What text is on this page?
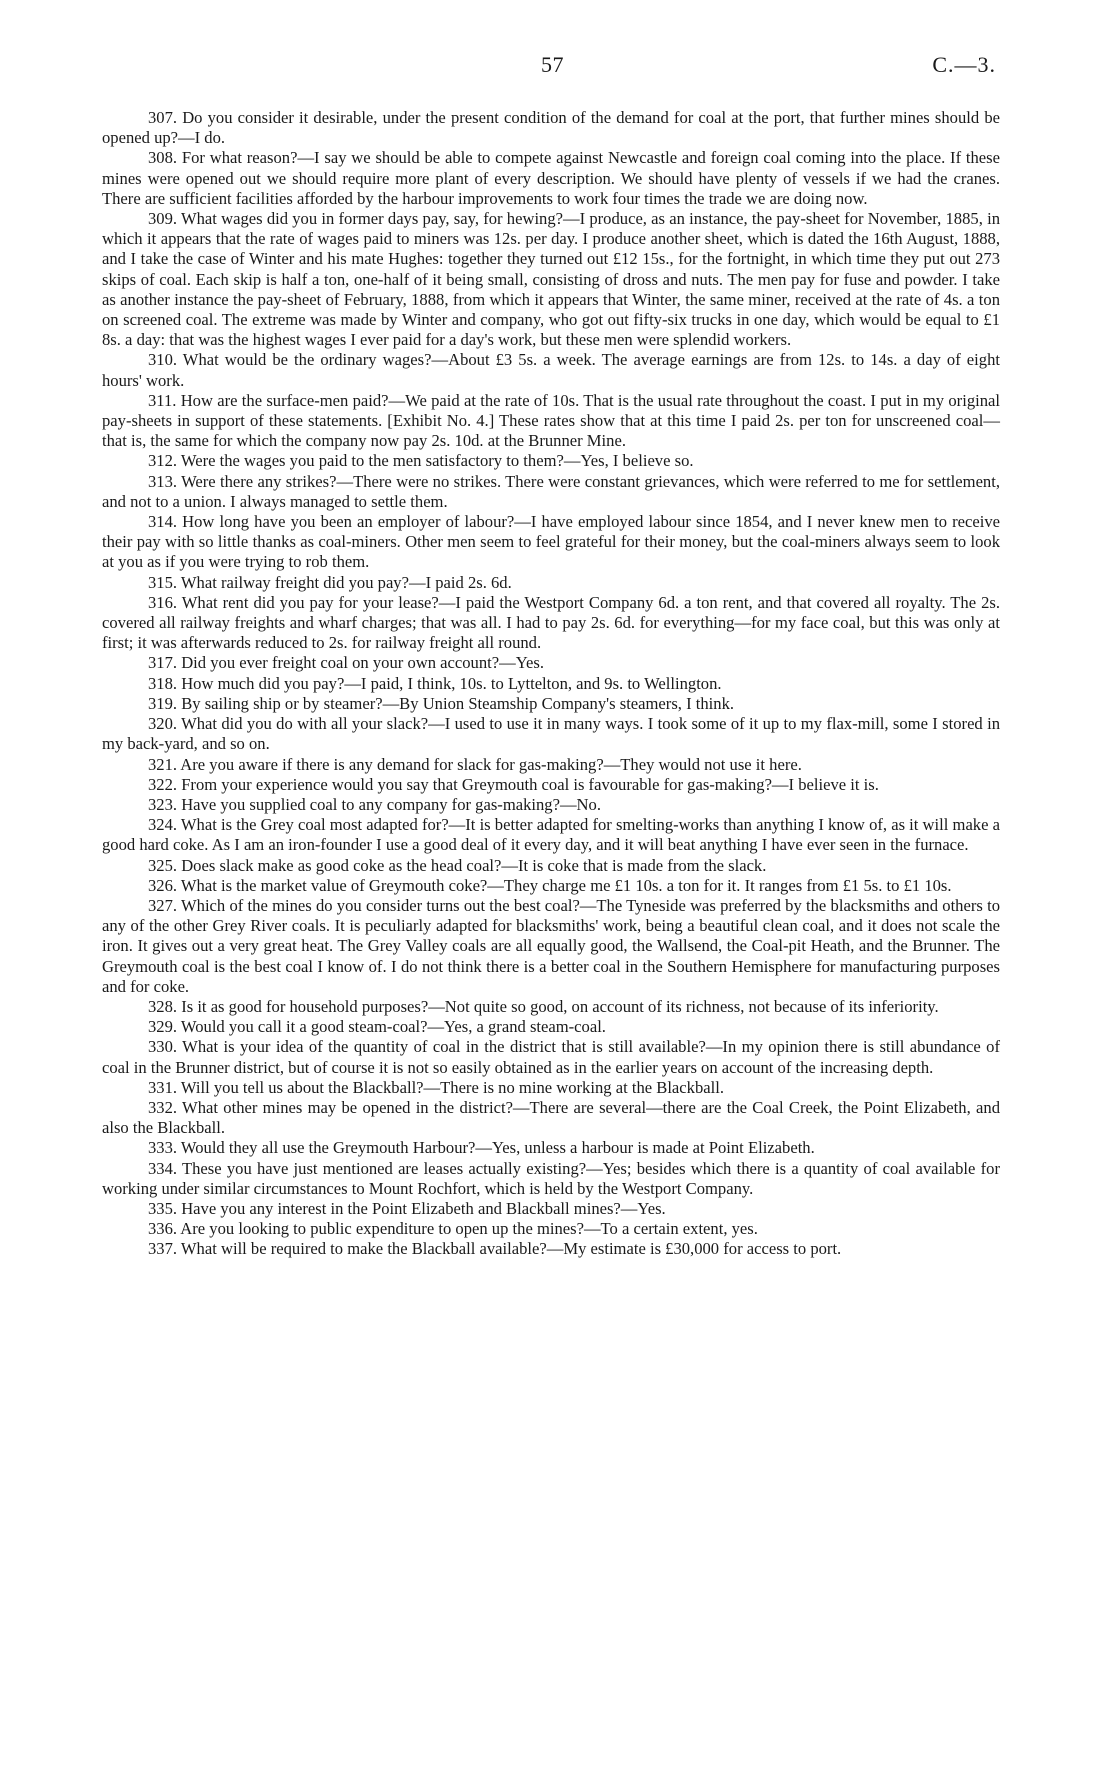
57	C.—3.

307. Do you consider it desirable, under the present condition of the demand for coal at the port, that further mines should be opened up?—I do.

308. For what reason?—I say we should be able to compete against Newcastle and foreign coal coming into the place. If these mines were opened out we should require more plant of every description. We should have plenty of vessels if we had the cranes. There are sufficient facilities afforded by the harbour improvements to work four times the trade we are doing now.

309. What wages did you in former days pay, say, for hewing?—I produce, as an instance, the pay-sheet for November, 1885, in which it appears that the rate of wages paid to miners was 12s. per day. I produce another sheet, which is dated the 16th August, 1888, and I take the case of Winter and his mate Hughes: together they turned out £12 15s., for the fortnight, in which time they put out 273 skips of coal. Each skip is half a ton, one-half of it being small, consisting of dross and nuts. The men pay for fuse and powder. I take as another instance the pay-sheet of February, 1888, from which it appears that Winter, the same miner, received at the rate of 4s. a ton on screened coal. The extreme was made by Winter and company, who got out fifty-six trucks in one day, which would be equal to £1 8s. a day: that was the highest wages I ever paid for a day's work, but these men were splendid workers.

310. What would be the ordinary wages?—About £3 5s. a week. The average earnings are from 12s. to 14s. a day of eight hours' work.

311. How are the surface-men paid?—We paid at the rate of 10s. That is the usual rate throughout the coast. I put in my original pay-sheets in support of these statements. [Exhibit No. 4.] These rates show that at this time I paid 2s. per ton for unscreened coal—that is, the same for which the company now pay 2s. 10d. at the Brunner Mine.

312. Were the wages you paid to the men satisfactory to them?—Yes, I believe so.

313. Were there any strikes?—There were no strikes. There were constant grievances, which were referred to me for settlement, and not to a union. I always managed to settle them.

314. How long have you been an employer of labour?—I have employed labour since 1854, and I never knew men to receive their pay with so little thanks as coal-miners. Other men seem to feel grateful for their money, but the coal-miners always seem to look at you as if you were trying to rob them.

315. What railway freight did you pay?—I paid 2s. 6d.

316. What rent did you pay for your lease?—I paid the Westport Company 6d. a ton rent, and that covered all royalty. The 2s. covered all railway freights and wharf charges; that was all. I had to pay 2s. 6d. for everything—for my face coal, but this was only at first; it was afterwards reduced to 2s. for railway freight all round.

317. Did you ever freight coal on your own account?—Yes.

318. How much did you pay?—I paid, I think, 10s. to Lyttelton, and 9s. to Wellington.

319. By sailing ship or by steamer?—By Union Steamship Company's steamers, I think.

320. What did you do with all your slack?—I used to use it in many ways. I took some of it up to my flax-mill, some I stored in my back-yard, and so on.

321. Are you aware if there is any demand for slack for gas-making?—They would not use it here.

322. From your experience would you say that Greymouth coal is favourable for gas-making?—I believe it is.

323. Have you supplied coal to any company for gas-making?—No.

324. What is the Grey coal most adapted for?—It is better adapted for smelting-works than anything I know of, as it will make a good hard coke. As I am an iron-founder I use a good deal of it every day, and it will beat anything I have ever seen in the furnace.

325. Does slack make as good coke as the head coal?—It is coke that is made from the slack.

326. What is the market value of Greymouth coke?—They charge me £1 10s. a ton for it. It ranges from £1 5s. to £1 10s.

327. Which of the mines do you consider turns out the best coal?—The Tyneside was preferred by the blacksmiths and others to any of the other Grey River coals. It is peculiarly adapted for blacksmiths' work, being a beautiful clean coal, and it does not scale the iron. It gives out a very great heat. The Grey Valley coals are all equally good, the Wallsend, the Coal-pit Heath, and the Brunner. The Greymouth coal is the best coal I know of. I do not think there is a better coal in the Southern Hemisphere for manufacturing purposes and for coke.

328. Is it as good for household purposes?—Not quite so good, on account of its richness, not because of its inferiority.

329. Would you call it a good steam-coal?—Yes, a grand steam-coal.

330. What is your idea of the quantity of coal in the district that is still available?—In my opinion there is still abundance of coal in the Brunner district, but of course it is not so easily obtained as in the earlier years on account of the increasing depth.

331. Will you tell us about the Blackball?—There is no mine working at the Blackball.

332. What other mines may be opened in the district?—There are several—there are the Coal Creek, the Point Elizabeth, and also the Blackball.

333. Would they all use the Greymouth Harbour?—Yes, unless a harbour is made at Point Elizabeth.

334. These you have just mentioned are leases actually existing?—Yes; besides which there is a quantity of coal available for working under similar circumstances to Mount Rochfort, which is held by the Westport Company.

335. Have you any interest in the Point Elizabeth and Blackball mines?—Yes.

336. Are you looking to public expenditure to open up the mines?—To a certain extent, yes.

337. What will be required to make the Blackball available?—My estimate is £30,000 for access to port.
